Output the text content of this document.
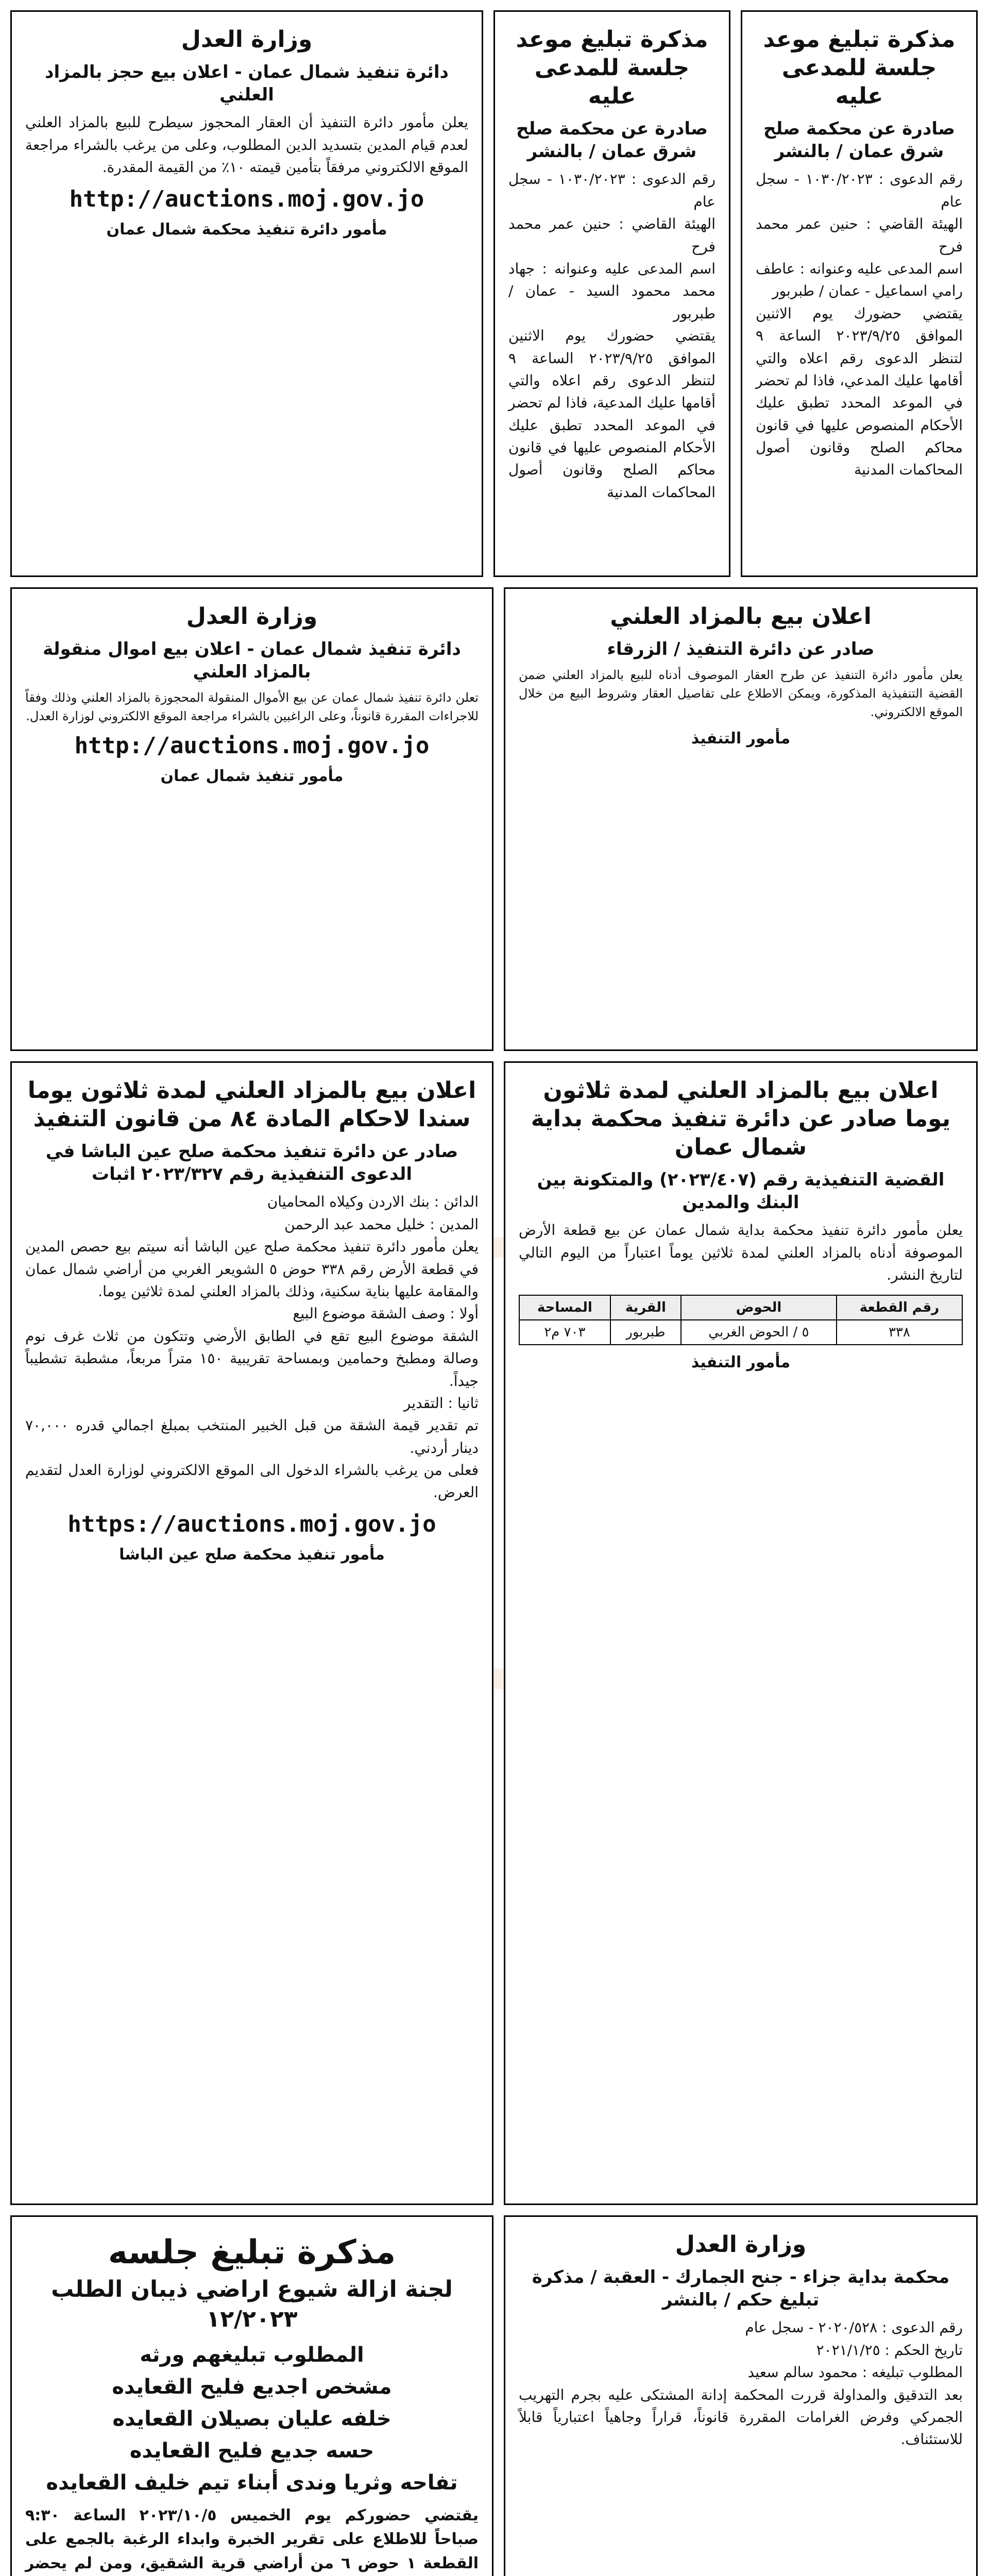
مذكرة تبليغ موعد جلسة للمدعى عليه
صادرة عن محكمة صلح شرق عمان / بالنشر
رقم الدعوى : ١٠٣٠/٢٠٢٣ - سجل عام
الهيئة القاضي : حنين عمر محمد فرح
اسم المدعى عليه وعنوانه : عاطف رامي اسماعيل - عمان / طبربور
يقتضي حضورك يوم الاثنين الموافق ٢٠٢٣/٩/٢٥ الساعة ٩ لتنظر الدعوى رقم اعلاه والتي أقامها عليك المدعي، فاذا لم تحضر في الموعد المحدد تطبق عليك الأحكام المنصوص عليها في قانون محاكم الصلح وقانون أصول المحاكمات المدنية
مذكرة تبليغ موعد جلسة للمدعى عليه
صادرة عن محكمة صلح شرق عمان / بالنشر
رقم الدعوى : ١٠٣٠/٢٠٢٣ - سجل عام
الهيئة القاضي : حنين عمر محمد فرح
اسم المدعى عليه وعنوانه : جهاد محمد محمود السيد - عمان / طبربور
يقتضي حضورك يوم الاثنين الموافق ٢٠٢٣/٩/٢٥ الساعة ٩ لتنظر الدعوى رقم اعلاه والتي أقامها عليك المدعية، فاذا لم تحضر في الموعد المحدد تطبق عليك الأحكام المنصوص عليها في قانون محاكم الصلح وقانون أصول المحاكمات المدنية
وزارة العدل
دائرة تنفيذ شمال عمان - اعلان بيع حجز بالمزاد العلني
يعلن مأمور دائرة التنفيذ أن العقار المحجوز سيطرح للبيع بالمزاد العلني لعدم قيام المدين بتسديد الدين المطلوب، وعلى من يرغب بالشراء مراجعة الموقع الالكتروني مرفقاً بتأمين قيمته ١٠٪ من القيمة المقدرة.
http://auctions.moj.gov.jo
مأمور دائرة تنفيذ محكمة شمال عمان
اعلان بيع بالمزاد العلني
صادر عن دائرة التنفيذ / الزرقاء
يعلن مأمور دائرة التنفيذ عن طرح العقار الموصوف أدناه للبيع بالمزاد العلني ضمن القضية التنفيذية المذكورة، ويمكن الاطلاع على تفاصيل العقار وشروط البيع من خلال الموقع الالكتروني.
مأمور التنفيذ
وزارة العدل
دائرة تنفيذ شمال عمان - اعلان بيع اموال منقولة بالمزاد العلني
تعلن دائرة تنفيذ شمال عمان عن بيع الأموال المنقولة المحجوزة بالمزاد العلني وذلك وفقاً للاجراءات المقررة قانوناً، وعلى الراغبين بالشراء مراجعة الموقع الالكتروني لوزارة العدل.
http://auctions.moj.gov.jo
مأمور تنفيذ شمال عمان
اعلان بيع بالمزاد العلني لمدة ثلاثون يوما صادر عن دائرة تنفيذ محكمة بداية شمال عمان
القضية التنفيذية رقم (٢٠٢٣/٤٠٧) والمتكونة بين البنك والمدين
يعلن مأمور دائرة تنفيذ محكمة بداية شمال عمان عن بيع قطعة الأرض الموصوفة أدناه بالمزاد العلني لمدة ثلاثين يوماً اعتباراً من اليوم التالي لتاريخ النشر.
رقم القطعة	الحوض	القرية	المساحة
٣٣٨	٥ / الحوض الغربي	طبربور	٧٠٣ م٢
مأمور التنفيذ
اعلان بيع بالمزاد العلني لمدة ثلاثون يوما سندا لاحكام المادة ٨٤ من قانون التنفيذ
صادر عن دائرة تنفيذ محكمة صلح عين الباشا في الدعوى التنفيذية رقم ٢٠٢٣/٣٢٧ اثبات
الدائن : بنك الاردن وكيلاه المحاميان
المدين : خليل محمد عبد الرحمن
يعلن مأمور دائرة تنفيذ محكمة صلح عين الباشا أنه سيتم بيع حصص المدين في قطعة الأرض رقم ٣٣٨ حوض ٥ الشويعر الغربي من أراضي شمال عمان والمقامة عليها بناية سكنية، وذلك بالمزاد العلني لمدة ثلاثين يوما.
أولا : وصف الشقة موضوع البيع
الشقة موضوع البيع تقع في الطابق الأرضي وتتكون من ثلاث غرف نوم وصالة ومطبخ وحمامين وبمساحة تقريبية ١٥٠ متراً مربعاً، مشطبة تشطيباً جيداً.
ثانيا : التقدير
تم تقدير قيمة الشقة من قبل الخبير المنتخب بمبلغ اجمالي قدره ٧٠,٠٠٠ دينار أردني.
فعلى من يرغب بالشراء الدخول الى الموقع الالكتروني لوزارة العدل لتقديم العرض.
https://auctions.moj.gov.jo
مأمور تنفيذ محكمة صلح عين الباشا
وزارة العدل
محكمة بداية جزاء - جنح الجمارك - العقبة / مذكرة تبليغ حكم / بالنشر
رقم الدعوى : ٢٠٢٠/٥٢٨ - سجل عام
تاريخ الحكم : ٢٠٢١/١/٢٥
المطلوب تبليغه : محمود سالم سعيد
بعد التدقيق والمداولة قررت المحكمة إدانة المشتكى عليه بجرم التهريب الجمركي وفرض الغرامات المقررة قانوناً، قراراً وجاهياً اعتبارياً قابلاً للاستئناف.
مذكرة تبليغ جلسه
لجنة ازالة شيوع اراضي ذيبان الطلب ١٢/٢٠٢٣
المطلوب تبليغهم ورثه
مشخص اجديع فليح القعايده
خلفه عليان بصيلان القعايده
حسه جديع فليح القعايده
تفاحه وثريا وندى أبناء تيم خليف القعايده
يقتضي حضوركم يوم الخميس ٢٠٢٣/١٠/٥ الساعة ٩:٣٠ صباحاً للاطلاع على تقرير الخبرة وابداء الرغبة بالجمع على القطعة ١ حوض ٦ من أراضي قرية الشقيق، ومن لم يحضر
